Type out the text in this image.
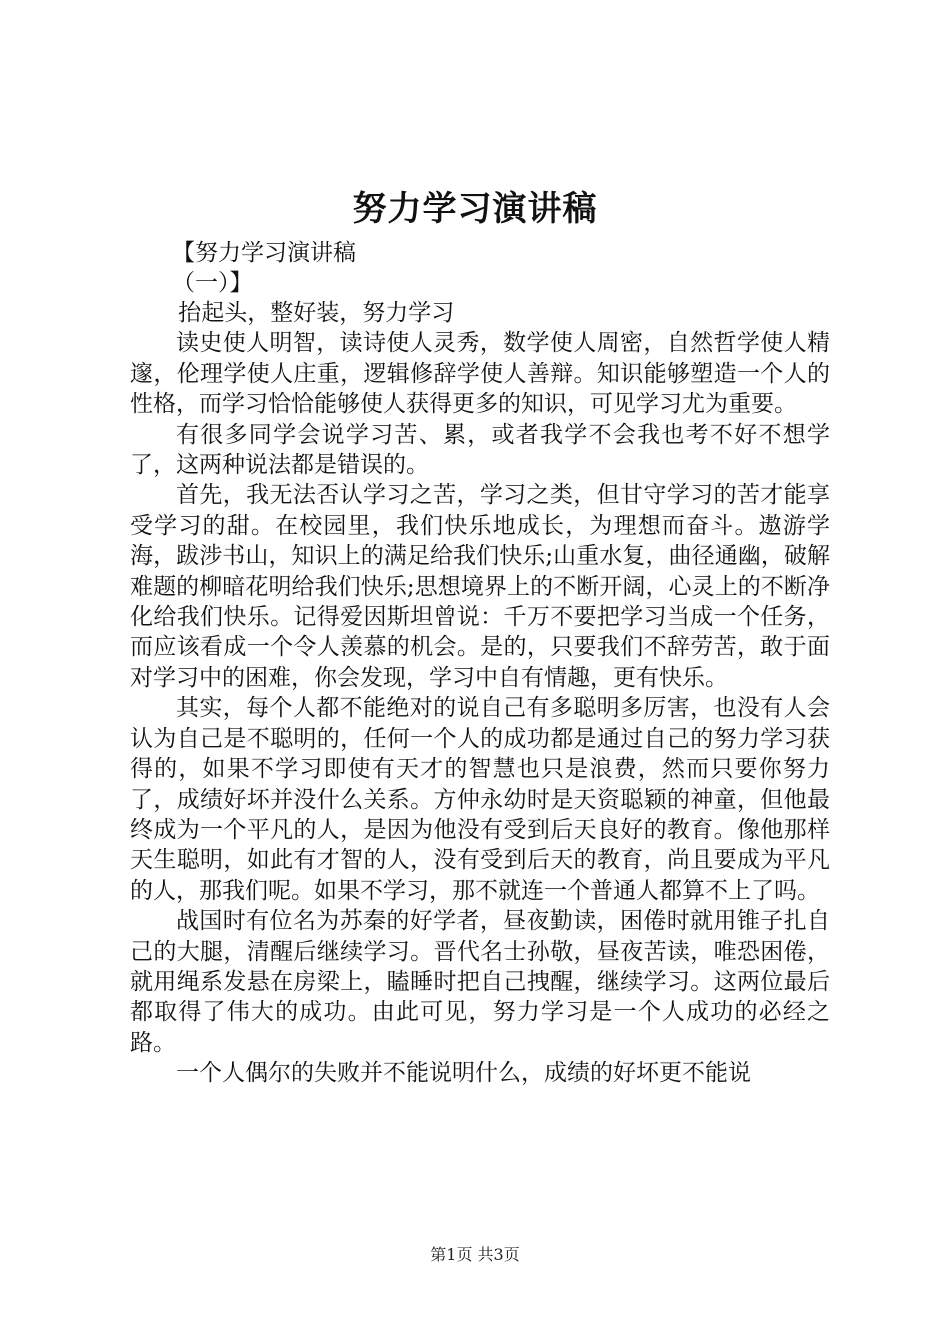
努力学习演讲稿
【努力学习演讲稿
（一）】

抬起头，整好装，努力学习

读史使人明智，读诗使人灵秀，数学使人周密，自然哲学使人精邃，伦理学使人庄重，逻辑修辞学使人善辩。知识能够塑造一个人的性格，而学习恰恰能够使人获得更多的知识，可见学习尤为重要。

有很多同学会说学习苦、累，或者我学不会我也考不好不想学了，这两种说法都是错误的。

首先，我无法否认学习之苦，学习之类，但甘守学习的苦才能享受学习的甜。在校园里，我们快乐地成长，为理想而奋斗。遨游学海，跋涉书山，知识上的满足给我们快乐;山重水复，曲径通幽，破解难题的柳暗花明给我们快乐;思想境界上的不断开阔，心灵上的不断净化给我们快乐。记得爱因斯坦曾说：千万不要把学习当成一个任务，而应该看成一个令人羡慕的机会。是的，只要我们不辞劳苦，敢于面对学习中的困难，你会发现，学习中自有情趣，更有快乐。

其实，每个人都不能绝对的说自己有多聪明多厉害，也没有人会认为自己是不聪明的，任何一个人的成功都是通过自己的努力学习获得的，如果不学习即使有天才的智慧也只是浪费，然而只要你努力了，成绩好坏并没什么关系。方仲永幼时是天资聪颖的神童，但他最终成为一个平凡的人，是因为他没有受到后天良好的教育。像他那样天生聪明，如此有才智的人，没有受到后天的教育，尚且要成为平凡的人，那我们呢。如果不学习，那不就连一个普通人都算不上了吗。

战国时有位名为苏秦的好学者，昼夜勤读，困倦时就用锥子扎自己的大腿，清醒后继续学习。晋代名士孙敬，昼夜苦读，唯恐困倦，就用绳系发悬在房梁上，瞌睡时把自己拽醒，继续学习。这两位最后都取得了伟大的成功。由此可见，努力学习是一个人成功的必经之路。

一个人偶尔的失败并不能说明什么，成绩的好坏更不能说

第1页 共3页
